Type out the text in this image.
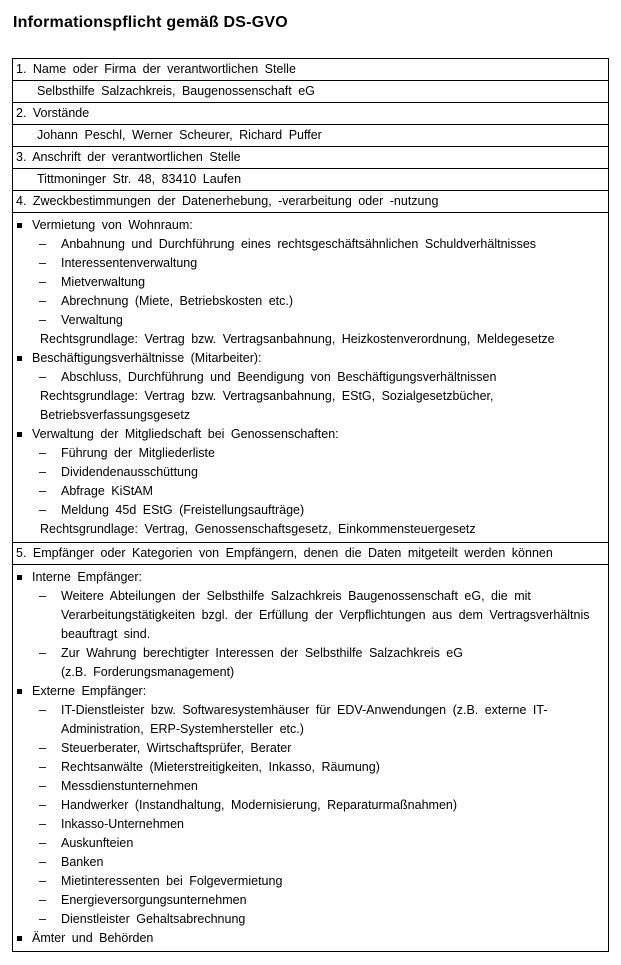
Informationspflicht gemäß DS-GVO
1. Name oder Firma der verantwortlichen Stelle
Selbsthilfe Salzachkreis, Baugenossenschaft eG
2. Vorstände
Johann Peschl, Werner Scheurer, Richard Puffer
3. Anschrift der verantwortlichen Stelle
Tittmoninger Str. 48, 83410 Laufen
4. Zweckbestimmungen der Datenerhebung, -verarbeitung oder -nutzung
Vermietung von Wohnraum:
– Anbahnung und Durchführung eines rechtsgeschäftsähnlichen Schuldverhältnisses
– Interessentenverwaltung
– Mietverwaltung
– Abrechnung (Miete, Betriebskosten etc.)
– Verwaltung
Rechtsgrundlage: Vertrag bzw. Vertragsanbahnung, Heizkostenverordnung, Meldegesetze
Beschäftigungsverhältnisse (Mitarbeiter):
– Abschluss, Durchführung und Beendigung von Beschäftigungsverhältnissen
Rechtsgrundlage: Vertrag bzw. Vertragsanbahnung, EStG, Sozialgesetzbücher,
Betriebsverfassungsgesetz
Verwaltung der Mitgliedschaft bei Genossenschaften:
– Führung der Mitgliederliste
– Dividendenausschüttung
– Abfrage KiStAM
– Meldung 45d EStG (Freistellungsaufträge)
Rechtsgrundlage: Vertrag, Genossenschaftsgesetz, Einkommensteuergesetz
5. Empfänger oder Kategorien von Empfängern, denen die Daten mitgeteilt werden können
Interne Empfänger:
– Weitere Abteilungen der Selbsthilfe Salzachkreis Baugenossenschaft eG, die mit
Verarbeitungstätigkeiten bzgl. der Erfüllung der Verpflichtungen aus dem Vertragsverhältnis
beauftragt sind.
– Zur Wahrung berechtigter Interessen der Selbsthilfe Salzachkreis eG
(z.B. Forderungsmanagement)
Externe Empfänger:
– IT-Dienstleister bzw. Softwaresystemhäuser für EDV-Anwendungen (z.B. externe IT-
Administration, ERP-Systemhersteller etc.)
– Steuerberater, Wirtschaftsprüfer, Berater
– Rechtsanwälte (Mieterstreitigkeiten, Inkasso, Räumung)
– Messdienstunternehmen
– Handwerker (Instandhaltung, Modernisierung, Reparaturmaßnahmen)
– Inkasso-Unternehmen
– Auskunfteien
– Banken
– Mietinteressenten bei Folgevermietung
– Energieversorgungsunternehmen
– Dienstleister Gehaltsabrechnung
Ämter und Behörden
